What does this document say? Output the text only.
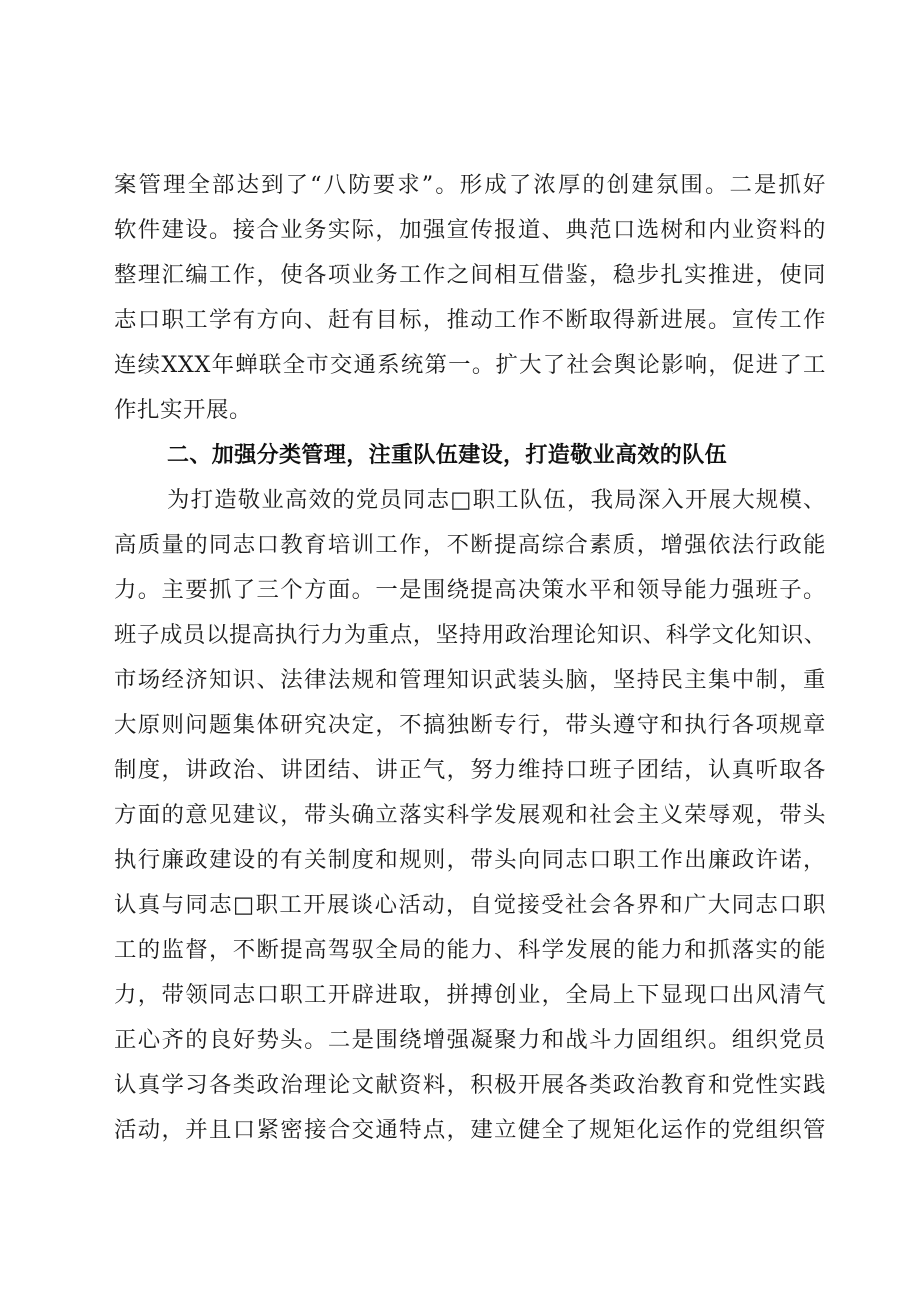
案管理全部达到了“八防要求”。形成了浓厚的创建氛围。二是抓好
软件建设。接合业务实际，加强宣传报道、典范口选树和内业资料的
整理汇编工作，使各项业务工作之间相互借鉴，稳步扎实推进，使同
志口职工学有方向、赶有目标，推动工作不断取得新进展。宣传工作
连续XXX年蝉联全市交通系统第一。扩大了社会舆论影响，促进了工
作扎实开展。
二、加强分类管理，注重队伍建设，打造敬业高效的队伍
为打造敬业高效的党员同志□职工队伍，我局深入开展大规模、
高质量的同志口教育培训工作，不断提高综合素质，增强依法行政能
力。主要抓了三个方面。一是围绕提高决策水平和领导能力强班子。
班子成员以提高执行力为重点，坚持用政治理论知识、科学文化知识、
市场经济知识、法律法规和管理知识武装头脑，坚持民主集中制，重
大原则问题集体研究决定，不搞独断专行，带头遵守和执行各项规章
制度，讲政治、讲团结、讲正气，努力维持口班子团结，认真听取各
方面的意见建议，带头确立落实科学发展观和社会主义荣辱观，带头
执行廉政建设的有关制度和规则，带头向同志口职工作出廉政许诺，
认真与同志□职工开展谈心活动，自觉接受社会各界和广大同志口职
工的监督，不断提高驾驭全局的能力、科学发展的能力和抓落实的能
力，带领同志口职工开辟进取，拼搏创业，全局上下显现口出风清气
正心齐的良好势头。二是围绕增强凝聚力和战斗力固组织。组织党员
认真学习各类政治理论文献资料，积极开展各类政治教育和党性实践
活动，并且口紧密接合交通特点，建立健全了规矩化运作的党组织管
